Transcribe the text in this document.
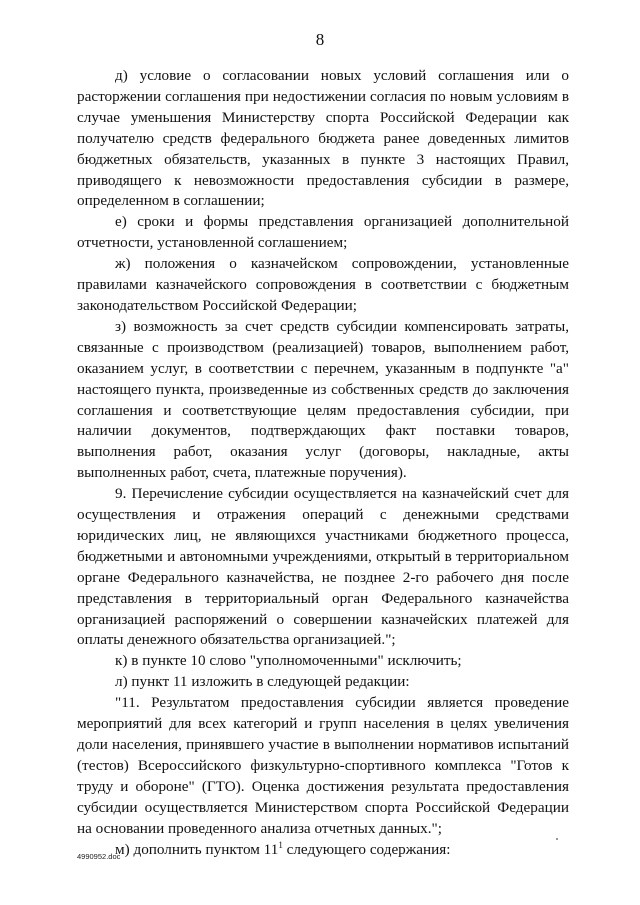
8

д) условие о согласовании новых условий соглашения или о расторжении соглашения при недостижении согласия по новым условиям в случае уменьшения Министерству спорта Российской Федерации как получателю средств федерального бюджета ранее доведенных лимитов бюджетных обязательств, указанных в пункте 3 настоящих Правил, приводящего к невозможности предоставления субсидии в размере, определенном в соглашении;

е) сроки и формы представления организацией дополнительной отчетности, установленной соглашением;

ж) положения о казначейском сопровождении, установленные правилами казначейского сопровождения в соответствии с бюджетным законодательством Российской Федерации;

з) возможность за счет средств субсидии компенсировать затраты, связанные с производством (реализацией) товаров, выполнением работ, оказанием услуг, в соответствии с перечнем, указанным в подпункте "а" настоящего пункта, произведенные из собственных средств до заключения соглашения и соответствующие целям предоставления субсидии, при наличии документов, подтверждающих факт поставки товаров, выполнения работ, оказания услуг (договоры, накладные, акты выполненных работ, счета, платежные поручения).

9. Перечисление субсидии осуществляется на казначейский счет для осуществления и отражения операций с денежными средствами юридических лиц, не являющихся участниками бюджетного процесса, бюджетными и автономными учреждениями, открытый в территориальном органе Федерального казначейства, не позднее 2-го рабочего дня после представления в территориальный орган Федерального казначейства организацией распоряжений о совершении казначейских платежей для оплаты денежного обязательства организацией.";

к) в пункте 10 слово "уполномоченными" исключить;

л) пункт 11 изложить в следующей редакции:

"11. Результатом предоставления субсидии является проведение мероприятий для всех категорий и групп населения в целях увеличения доли населения, принявшего участие в выполнении нормативов испытаний (тестов) Всероссийского физкультурно-спортивного комплекса "Готов к труду и обороне" (ГТО). Оценка достижения результата предоставления субсидии осуществляется Министерством спорта Российской Федерации на основании проведенного анализа отчетных данных.";

м) дополнить пунктом $11^1$ следующего содержания:

4990952.doc
